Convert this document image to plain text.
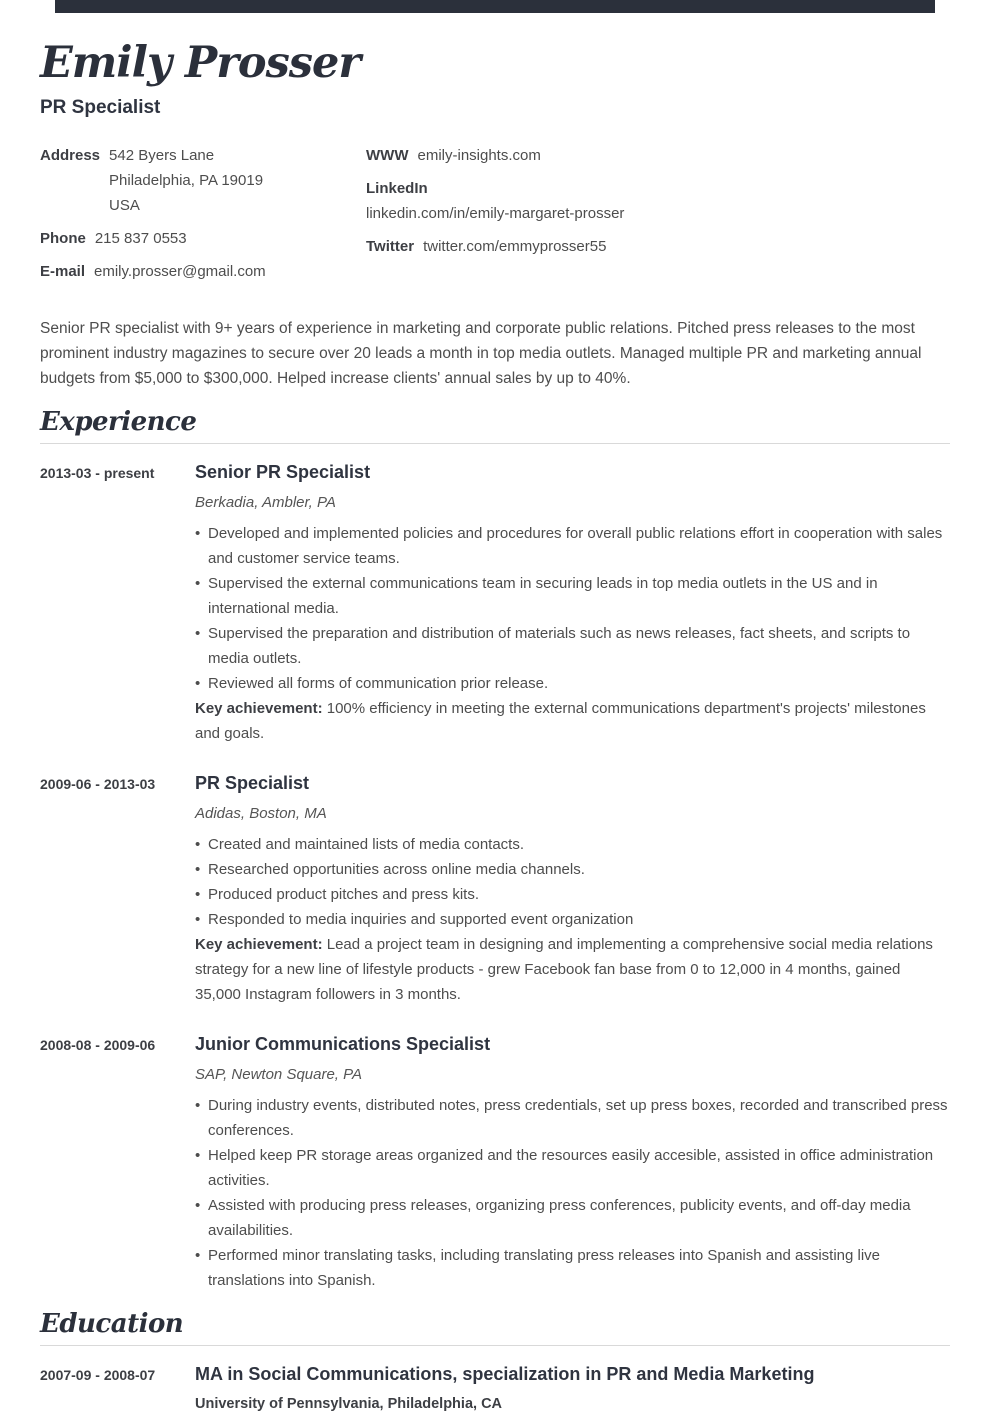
Emily Prosser
PR Specialist
Address 542 Byers Lane
Philadelphia, PA 19019
USA
Phone 215 837 0553
E-mail emily.prosser@gmail.com
WWW emily-insights.com
LinkedIn
linkedin.com/in/emily-margaret-prosser
Twitter twitter.com/emmyprosser55

Senior PR specialist with 9+ years of experience in marketing and corporate public relations. Pitched press releases to the most prominent industry magazines to secure over 20 leads a month in top media outlets. Managed multiple PR and marketing annual budgets from $5,000 to $300,000. Helped increase clients' annual sales by up to 40%.

Experience
2013-03 - present	Senior PR Specialist
Berkadia, Ambler, PA
• Developed and implemented policies and procedures for overall public relations effort in cooperation with sales and customer service teams.
• Supervised the external communications team in securing leads in top media outlets in the US and in international media.
• Supervised the preparation and distribution of materials such as news releases, fact sheets, and scripts to media outlets.
• Reviewed all forms of communication prior release.

Key achievement: 100% efficiency in meeting the external communications department's projects' milestones and goals.

2009-06 - 2013-03	PR Specialist
Adidas, Boston, MA
• Created and maintained lists of media contacts.
• Researched opportunities across online media channels.
• Produced product pitches and press kits.
• Responded to media inquiries and supported event organization

Key achievement: Lead a project team in designing and implementing a comprehensive social media relations strategy for a new line of lifestyle products - grew Facebook fan base from 0 to 12,000 in 4 months, gained 35,000 Instagram followers in 3 months.

2008-08 - 2009-06	Junior Communications Specialist
SAP, Newton Square, PA
• During industry events, distributed notes, press credentials, set up press boxes, recorded and transcribed press conferences.
• Helped keep PR storage areas organized and the resources easily accesible, assisted in office administration activities.
• Assisted with producing press releases, organizing press conferences, publicity events, and off-day media availabilities.
• Performed minor translating tasks, including translating press releases into Spanish and assisting live translations into Spanish.
Education
2007-09 - 2008-07	MA in Social Communications, specialization in PR and Media Marketing
University of Pennsylvania, Philadelphia, CA
